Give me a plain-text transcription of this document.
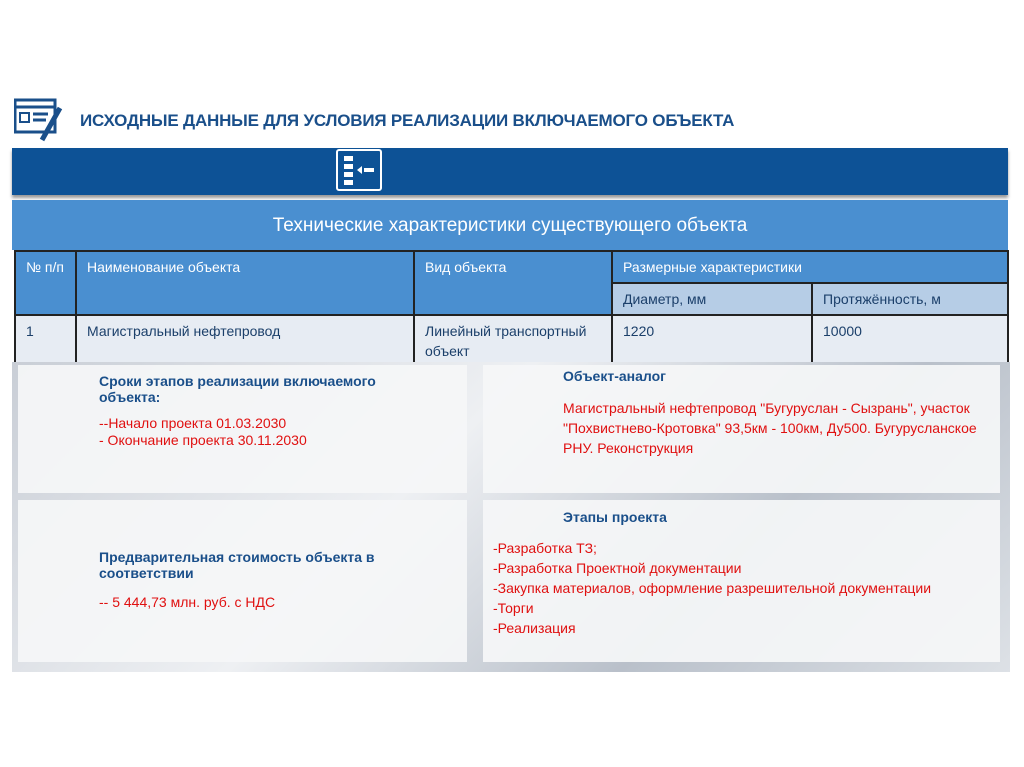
ИСХОДНЫЕ ДАННЫЕ ДЛЯ УСЛОВИЯ РЕАЛИЗАЦИИ ВКЛЮЧАЕМОГО ОБЪЕКТА
Технические характеристики существующего объекта
№ п/п	Наименование объекта	Вид объекта	Размерные характеристики	
			Диаметр, мм	Протяжённость, м
1	Магистральный нефтепровод	Линейный транспортный объект	1220	10000
Сроки этапов реализации включаемого объекта:
--Начало проекта 01.03.2030
- Окончание проекта 30.11.2030
Объект-аналог
Магистральный нефтепровод "Бугуруслан - Сызрань", участок "Похвистнево-Кротовка" 93,5км - 100км, Ду500. Бугурусланское РНУ. Реконструкция
Предварительная стоимость объекта в соответствии
-- 5 444,73 млн. руб. с НДС
Этапы проекта
-Разработка ТЗ;
-Разработка Проектной документации
-Закупка материалов, оформление разрешительной документации
-Торги
-Реализация
